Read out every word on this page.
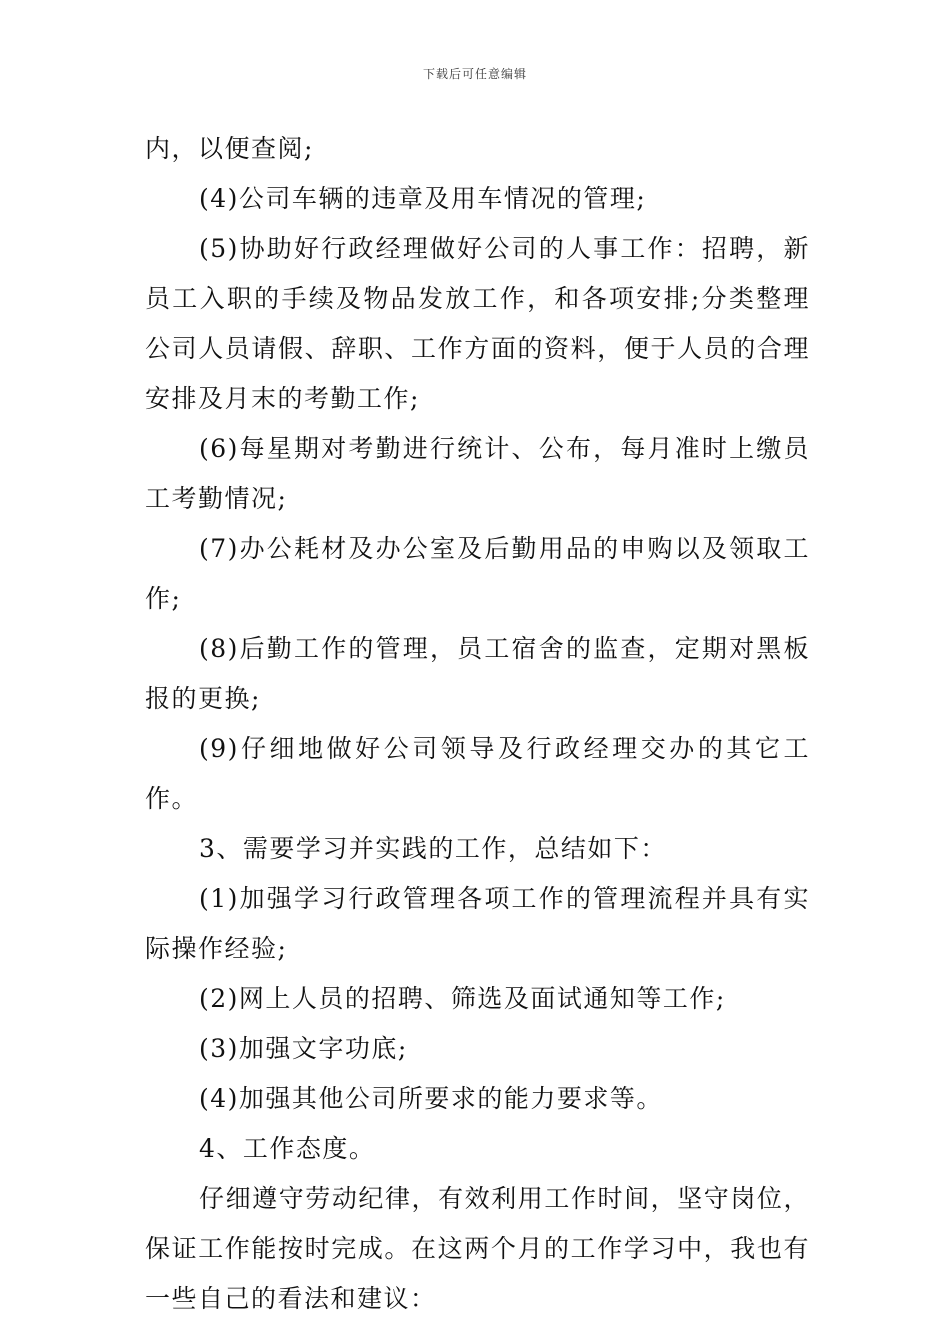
下载后可任意编辑

内，以便查阅;

(4)公司车辆的违章及用车情况的管理;

(5)协助好行政经理做好公司的人事工作：招聘，新员工入职的手续及物品发放工作，和各项安排;分类整理公司人员请假、辞职、工作方面的资料，便于人员的合理安排及月末的考勤工作;

(6)每星期对考勤进行统计、公布，每月准时上缴员工考勤情况;

(7)办公耗材及办公室及后勤用品的申购以及领取工作;

(8)后勤工作的管理，员工宿舍的监查，定期对黑板报的更换;

(9)仔细地做好公司领导及行政经理交办的其它工作。

3、需要学习并实践的工作，总结如下：

(1)加强学习行政管理各项工作的管理流程并具有实际操作经验;

(2)网上人员的招聘、筛选及面试通知等工作;

(3)加强文字功底;

(4)加强其他公司所要求的能力要求等。

4、工作态度。

仔细遵守劳动纪律，有效利用工作时间，坚守岗位，保证工作能按时完成。在这两个月的工作学习中，我也有一些自己的看法和建议：
